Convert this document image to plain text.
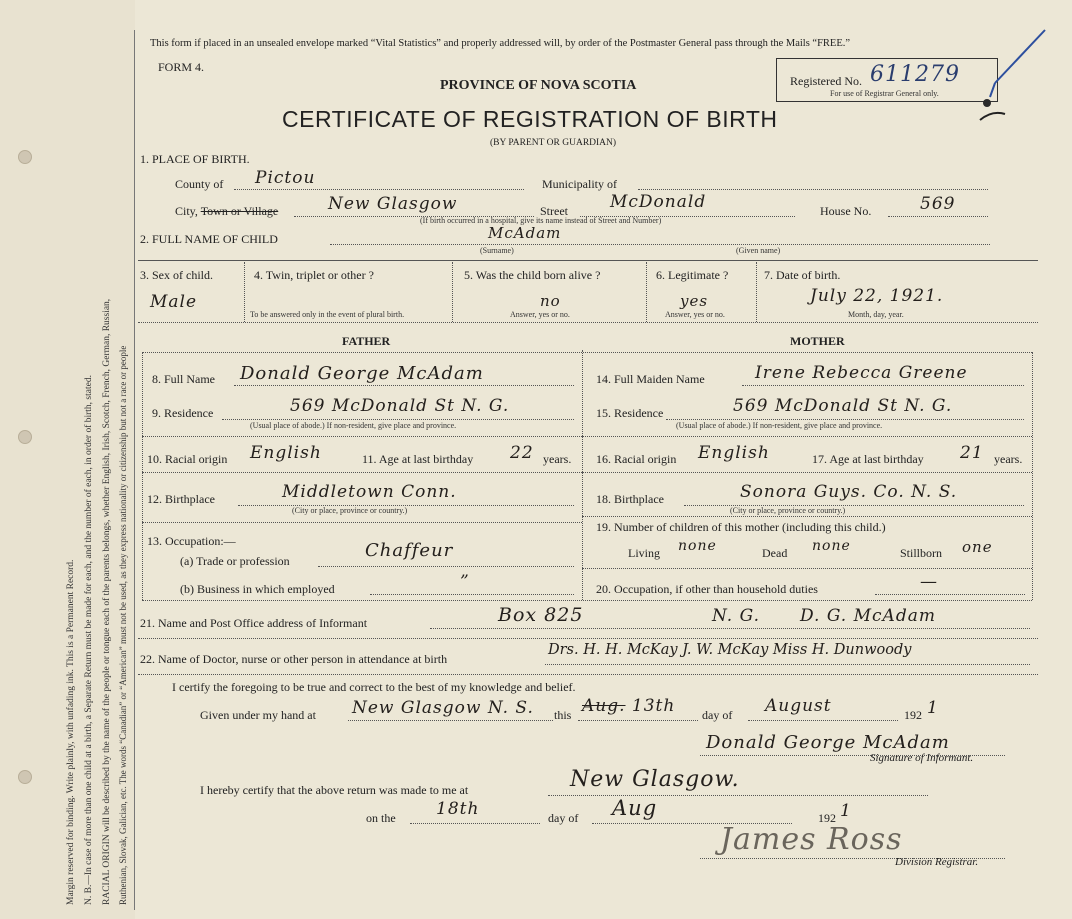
Margin reserved for binding. Write plainly, with unfading ink. This is a Permanent Record. N. B.—In case of more than one child at a birth, a Separate Return must be made for each, and the number of each, in order of birth, stated. RACIAL ORIGIN will be described by the name of the people or tongue each of the parents belongs, whether English, Irish, Scotch, French, German, Russian, Ruthenian, Slovak, Galician, etc. The words “Canadian” or “American” must not be used, as they express nationality or citizenship but not a race or people
This form if placed in an unsealed envelope marked “Vital Statistics” and properly addressed will, by order of the Postmaster General pass through the Mails “FREE.”
FORM 4.
Registered No. 611279
For use of Registrar General only.
PROVINCE OF NOVA SCOTIA
CERTIFICATE OF REGISTRATION OF BIRTH
(BY PARENT OR GUARDIAN)
1. PLACE OF BIRTH.
County of Pictou	Municipality of
City, Town or Village	New Glasgow	Street McDonald
(If birth occurred in a hospital, give its name instead of Street and Number)
House No.	569
2. FULL NAME OF CHILD	McAdam
(Surname)	(Given name)
3. Sex of child.
Male
4. Twin, triplet or other ?
To be answered only in the event of plural birth.
5. Was the child born alive ?
no
Answer, yes or no.
6. Legitimate ?
yes
Answer, yes or no.
7. Date of birth.
July 22, 1921.
Month, day, year.
FATHER	MOTHER
8. Full Name Donald George McAdam
9. Residence	569 McDonald St N. G.
(Usual place of abode.) If non-resident, give place and province.
10. Racial origin English	11. Age at last birthday 22 years.
12. Birthplace	Middletown Conn.
(City or place, province or country.)
13. Occupation:—
(a) Trade or profession	Chaffeur
(b) Business in which employed	”
14. Full Maiden Name	Irene Rebecca Greene
15. Residence	569 McDonald St N. G.
(Usual place of abode.) If non-resident, give place and province.
16. Racial origin English	17. Age at last birthday 21 years.
18. Birthplace	Sonora Guys. Co. N. S.
(City or place, province or country.)
19. Number of children of this mother (including this child.)
Living none	Dead none	Stillborn one
20. Occupation, if other than household duties	—
21. Name and Post Office address of Informant	Box 825	N. G. D. G. McAdam
22. Name of Doctor, nurse or other person in attendance at birth
Drs. H. H. McKay J. W. McKay Miss H. Dunwoody
I certify the foregoing to be true and correct to the best of my knowledge and belief.
Given under my hand at New Glasgow N. S. this Aug. 13th day of August	192 1
Donald George McAdam
Signature of Informant.
I hereby certify that the above return was made to me at	New Glasgow.
on the 18th	day of Aug	192 1
James Ross
Division Registrar.
